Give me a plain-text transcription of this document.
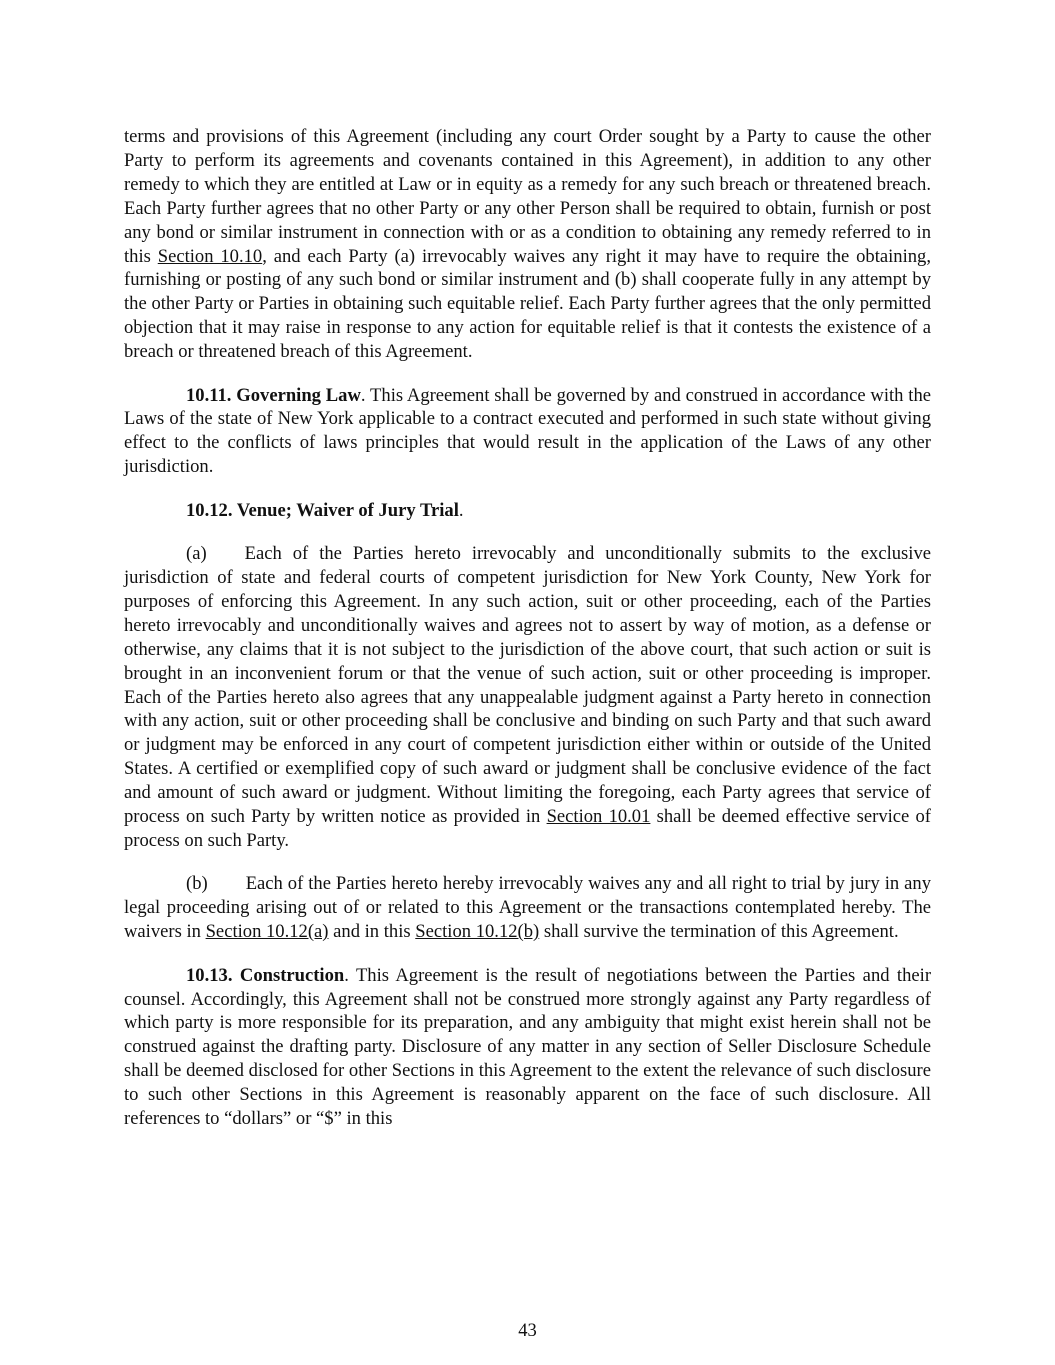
terms and provisions of this Agreement (including any court Order sought by a Party to cause the other Party to perform its agreements and covenants contained in this Agreement), in addition to any other remedy to which they are entitled at Law or in equity as a remedy for any such breach or threatened breach. Each Party further agrees that no other Party or any other Person shall be required to obtain, furnish or post any bond or similar instrument in connection with or as a condition to obtaining any remedy referred to in this Section 10.10, and each Party (a) irrevocably waives any right it may have to require the obtaining, furnishing or posting of any such bond or similar instrument and (b) shall cooperate fully in any attempt by the other Party or Parties in obtaining such equitable relief. Each Party further agrees that the only permitted objection that it may raise in response to any action for equitable relief is that it contests the existence of a breach or threatened breach of this Agreement.

10.11. Governing Law. This Agreement shall be governed by and construed in accordance with the Laws of the state of New York applicable to a contract executed and performed in such state without giving effect to the conflicts of laws principles that would result in the application of the Laws of any other jurisdiction.

10.12. Venue; Waiver of Jury Trial.

(a) Each of the Parties hereto irrevocably and unconditionally submits to the exclusive jurisdiction of state and federal courts of competent jurisdiction for New York County, New York for purposes of enforcing this Agreement. In any such action, suit or other proceeding, each of the Parties hereto irrevocably and unconditionally waives and agrees not to assert by way of motion, as a defense or otherwise, any claims that it is not subject to the jurisdiction of the above court, that such action or suit is brought in an inconvenient forum or that the venue of such action, suit or other proceeding is improper. Each of the Parties hereto also agrees that any unappealable judgment against a Party hereto in connection with any action, suit or other proceeding shall be conclusive and binding on such Party and that such award or judgment may be enforced in any court of competent jurisdiction either within or outside of the United States. A certified or exemplified copy of such award or judgment shall be conclusive evidence of the fact and amount of such award or judgment. Without limiting the foregoing, each Party agrees that service of process on such Party by written notice as provided in Section 10.01 shall be deemed effective service of process on such Party.

(b) Each of the Parties hereto hereby irrevocably waives any and all right to trial by jury in any legal proceeding arising out of or related to this Agreement or the transactions contemplated hereby. The waivers in Section 10.12(a) and in this Section 10.12(b) shall survive the termination of this Agreement.

10.13. Construction. This Agreement is the result of negotiations between the Parties and their counsel. Accordingly, this Agreement shall not be construed more strongly against any Party regardless of which party is more responsible for its preparation, and any ambiguity that might exist herein shall not be construed against the drafting party. Disclosure of any matter in any section of Seller Disclosure Schedule shall be deemed disclosed for other Sections in this Agreement to the extent the relevance of such disclosure to such other Sections in this Agreement is reasonably apparent on the face of such disclosure. All references to “dollars” or “$” in this

43
